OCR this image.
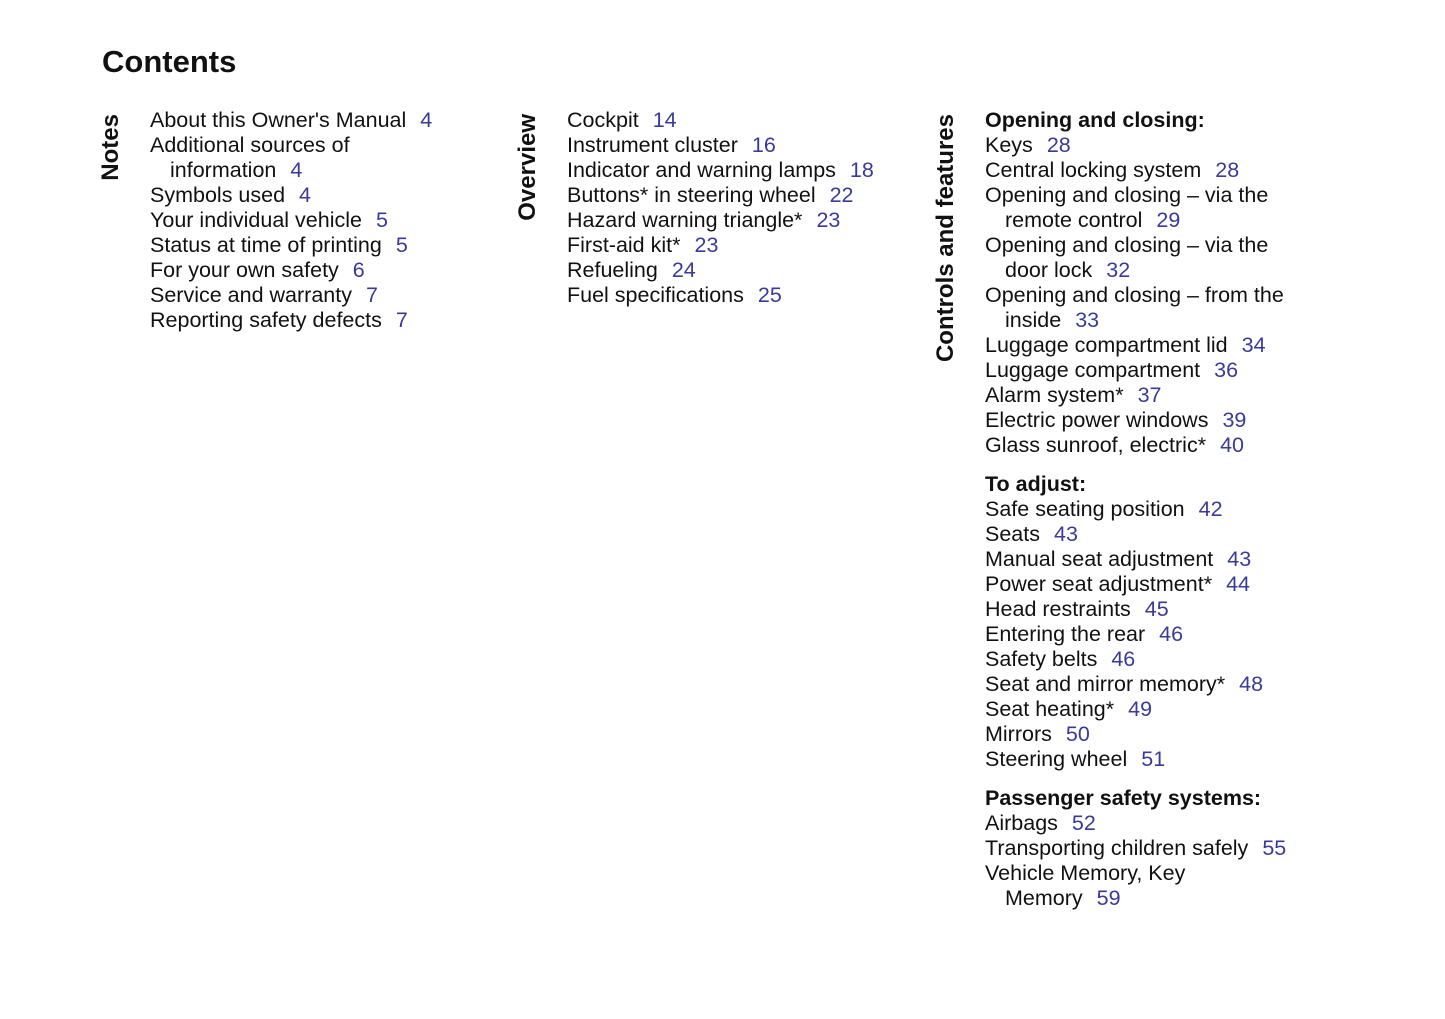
Contents
Notes About this Owner's Manual 4
Additional sources of
information 4
Symbols used 4
Your individual vehicle 5
Status at time of printing 5
For your own safety 6
Service and warranty 7
Reporting safety defects 7
Overview Cockpit 14
Instrument cluster 16
Indicator and warning lamps 18
Buttons* in steering wheel 22
Hazard warning triangle* 23
First-aid kit* 23
Refueling 24
Fuel specifications 25	Controls and features Opening and closing:
Keys 28
Central locking system 28
Opening and closing – via the
remote control 29
Opening and closing – via the
door lock 32
Opening and closing – from the
inside 33
Luggage compartment lid 34
Luggage compartment 36
Alarm system* 37
Electric power windows 39
Glass sunroof, electric* 40
To adjust:
Safe seating position 42
Seats 43
Manual seat adjustment 43
Power seat adjustment* 44
Head restraints 45
Entering the rear 46
Safety belts 46
Seat and mirror memory* 48
Seat heating* 49
Mirrors 50
Steering wheel 51
Passenger safety systems:
Airbags 52
Transporting children safely 55
Vehicle Memory, Key
Memory 59
